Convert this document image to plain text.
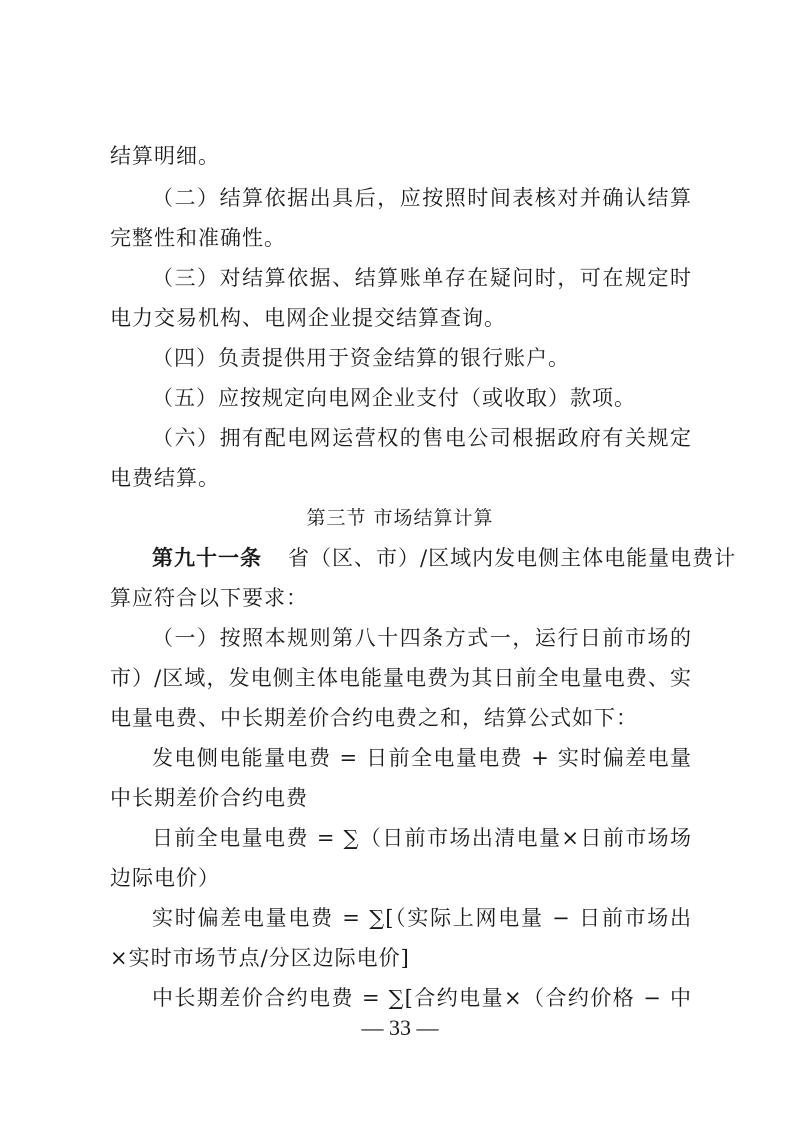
结算明细。
（二）结算依据出具后，应按照时间表核对并确认结算
完整性和准确性。
（三）对结算依据、结算账单存在疑问时，可在规定时
电力交易机构、电网企业提交结算查询。
（四）负责提供用于资金结算的银行账户。
（五）应按规定向电网企业支付（或收取）款项。
（六）拥有配电网运营权的售电公司根据政府有关规定
电费结算。
第三节 市场结算计算
第九十一条 省（区、市）/区域内发电侧主体电能量电费计
算应符合以下要求：
（一）按照本规则第八十四条方式一，运行日前市场的
市）/区域，发电侧主体电能量电费为其日前全电量电费、实
电量电费、中长期差价合约电费之和，结算公式如下：
发电侧电能量电费 = 日前全电量电费 + 实时偏差电量
中长期差价合约电费
日前全电量电费 = ∑（日前市场出清电量×日前市场场
边际电价）
实时偏差电量电费 = ∑[（实际上网电量 − 日前市场出
×实时市场节点/分区边际电价]
中长期差价合约电费 = ∑[合约电量×（合约价格 − 中
— 33 —
